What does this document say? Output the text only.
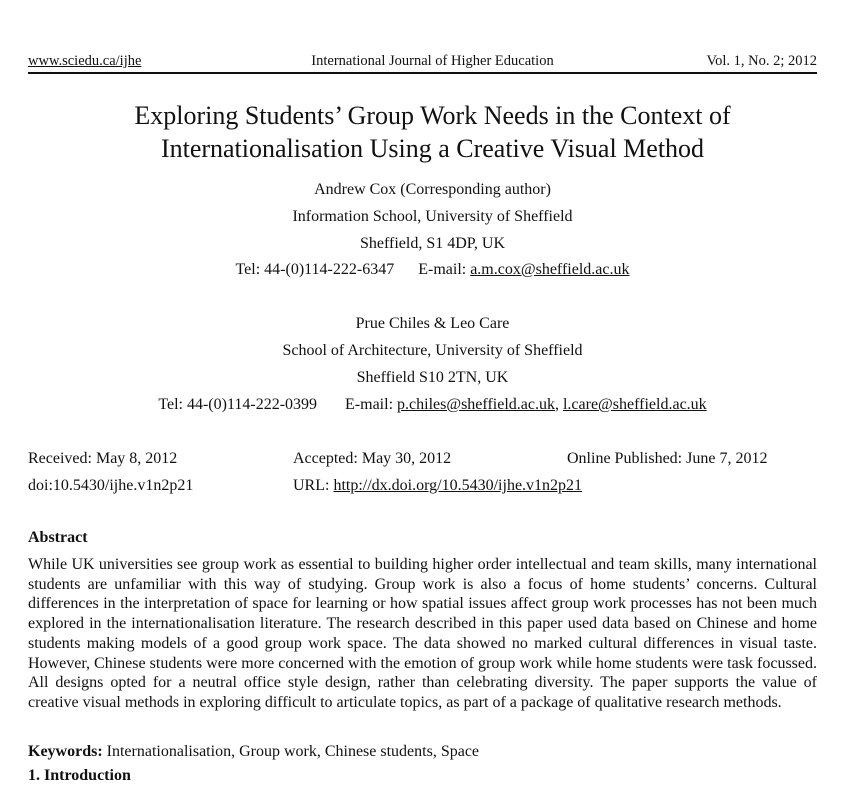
www.sciedu.ca/ijhe	International Journal of Higher Education	Vol. 1, No. 2; 2012
Exploring Students’ Group Work Needs in the Context of
Internationalisation Using a Creative Visual Method
Andrew Cox (Corresponding author)
Information School, University of Sheffield
Sheffield, S1 4DP, UK
Tel: 44-(0)114-222-6347 E-mail: a.m.cox@sheffield.ac.uk
Prue Chiles & Leo Care
School of Architecture, University of Sheffield
Sheffield S10 2TN, UK
Tel: 44-(0)114-222-0399 E-mail: p.chiles@sheffield.ac.uk, l.care@sheffield.ac.uk
Received: May 8, 2012	Accepted: May 30, 2012	Online Published: June 7, 2012
doi:10.5430/ijhe.v1n2p21	URL: http://dx.doi.org/10.5430/ijhe.v1n2p21
Abstract

While UK universities see group work as essential to building higher order intellectual and team skills, many international students are unfamiliar with this way of studying. Group work is also a focus of home students’ concerns. Cultural differences in the interpretation of space for learning or how spatial issues affect group work processes has not been much explored in the internationalisation literature. The research described in this paper used data based on Chinese and home students making models of a good group work space. The data showed no marked cultural differences in visual taste. However, Chinese students were more concerned with the emotion of group work while home students were task focussed. All designs opted for a neutral office style design, rather than celebrating diversity. The paper supports the value of creative visual methods in exploring difficult to articulate topics, as part of a package of qualitative research methods.

Keywords: Internationalisation, Group work, Chinese students, Space
1. Introduction
